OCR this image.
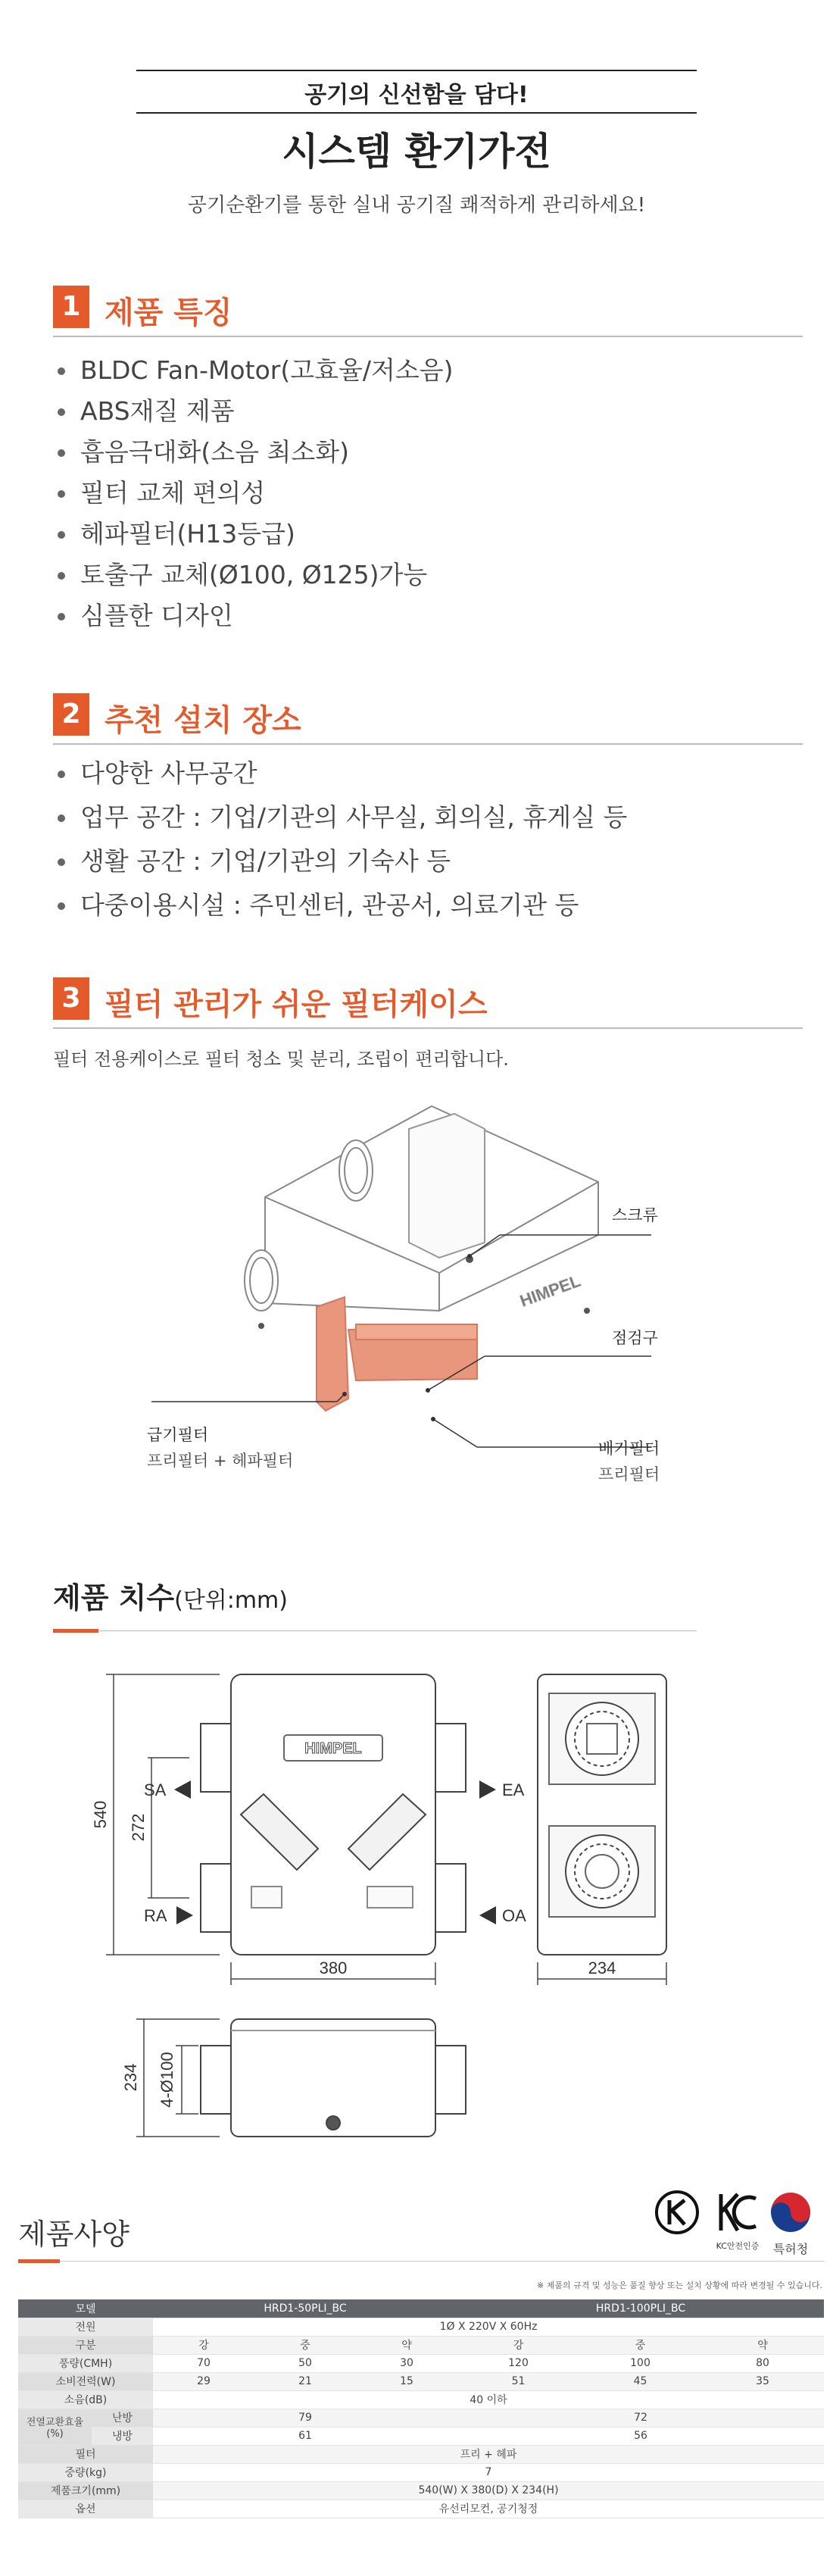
공기의 신선함을 담다!
시스템 환기가전
공기순환기를 통한 실내 공기질 쾌적하게 관리하세요!
1 제품 특징
BLDC Fan-Motor(고효율/저소음)
ABS재질 제품
흡음극대화(소음 최소화)
필터 교체 편의성
헤파필터(H13등급)
토출구 교체(Ø100, Ø125)가능
심플한 디자인
2 추천 설치 장소
다양한 사무공간
업무 공간 : 기업/기관의 사무실, 회의실, 휴게실 등
생활 공간 : 기업/기관의 기숙사 등
다중이용시설 : 주민센터, 관공서, 의료기관 등
3 필터 관리가 쉬운 필터케이스
필터 전용케이스로 필터 청소 및 분리, 조립이 편리합니다.
HIMPEL
스크류
점검구
급기필터
프리필터 + 헤파필터
배기필터
프리필터
제품 치수(단위:mm)
HIMPEL
SA	EA
RA	OA
540 272
380	234
234 4-Ø100
제품사양	KC안전인증	특허청
※ 제품의 규격 및 성능은 품질 향상 또는 설치 상황에 따라 변경될 수 있습니다.
모델		HRD1-50PLI_BC			HRD1-100PLI_BC		
전원		1Ø X 220V X 60Hz					
구분		강	중	약	강	중	약
풍량(CMH)		70	50	30	120	100	80
소비전력(W)		29	21	15	51	45	35
소음(dB)		40 이하					
전열교환효율(%)	난방	79			72		
	냉방	61			56		
필터		프리 + 헤파					
중량(kg)		7					
제품크기(mm)		540(W) X 380(D) X 234(H)					
옵션		유선리모컨, 공기청정					
